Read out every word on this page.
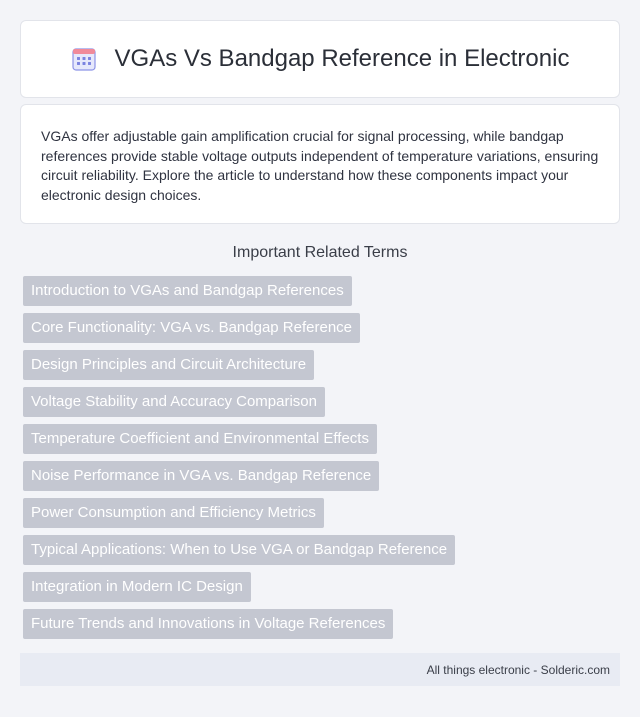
VGAs Vs Bandgap Reference in Electronic

VGAs offer adjustable gain amplification crucial for signal processing, while bandgap references provide stable voltage outputs independent of temperature variations, ensuring circuit reliability. Explore the article to understand how these components impact your electronic design choices.

Important Related Terms
Introduction to VGAs and Bandgap References
Core Functionality: VGA vs. Bandgap Reference
Design Principles and Circuit Architecture
Voltage Stability and Accuracy Comparison
Temperature Coefficient and Environmental Effects
Noise Performance in VGA vs. Bandgap Reference
Power Consumption and Efficiency Metrics
Typical Applications: When to Use VGA or Bandgap Reference
Integration in Modern IC Design
Future Trends and Innovations in Voltage References
All things electronic - Solderic.com
